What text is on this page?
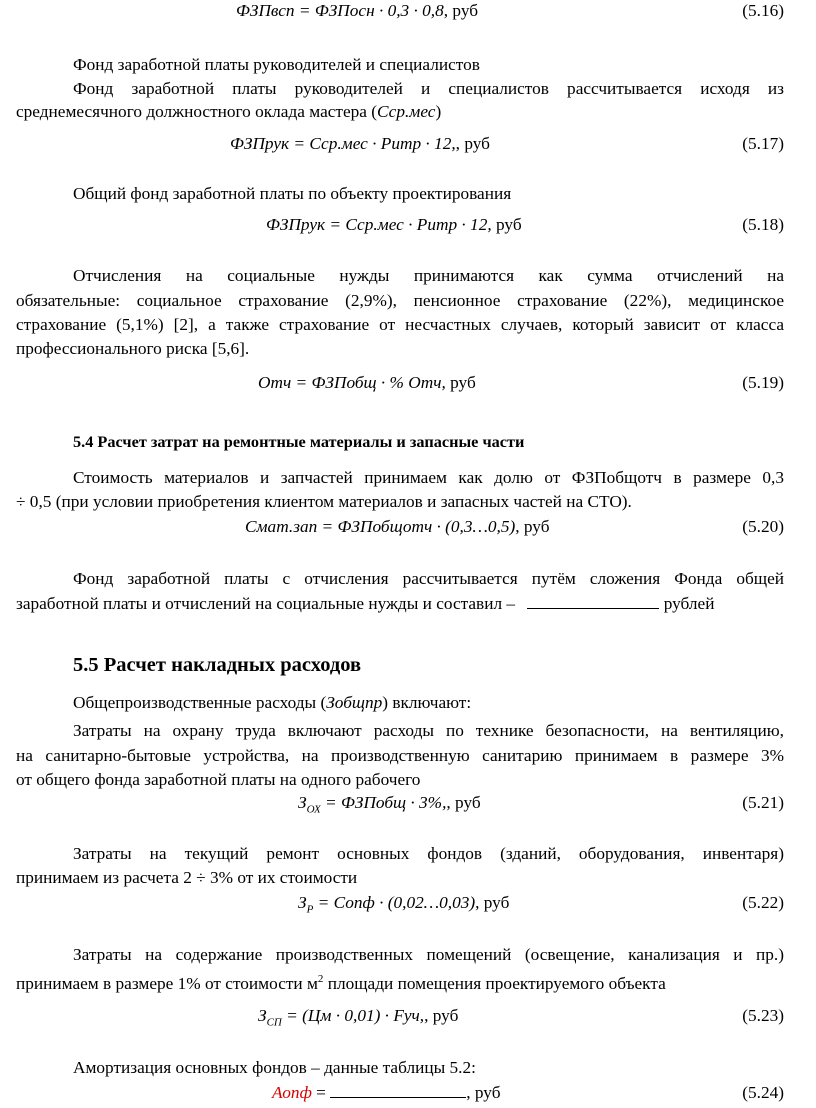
ФЗПвсп = ФЗПосн · 0,3 · 0,8, руб	(5.16)
Фонд заработной платы руководителей и специалистов
Фонд заработной платы руководителей и специалистов рассчитывается исходя из
среднемесячного должностного оклада мастера (Ссp.мес)
ФЗПрук = Ссp.мес · Ритр · 12,, руб	(5.17)
Общий фонд заработной платы по объекту проектирования
ФЗПрук = Ссp.мес · Ритр · 12, руб	(5.18)
Отчисления на социальные нужды принимаются как сумма отчислений на
обязательные: социальное страхование (2,9%), пенсионное страхование (22%), медицинское
страхование (5,1%) [2], а также страхование от несчастных случаев, который зависит от класса
профессионального риска [5,6].
Отч = ФЗПобщ · % Отч, руб	(5.19)
5.4 Расчет затрат на ремонтные материалы и запасные части
Стоимость материалов и запчастей принимаем как долю от ФЗПобщотч в размере 0,3
÷ 0,5 (при условии приобретения клиентом материалов и запасных частей на СТО).
Смат.зап = ФЗПобщотч · (0,3…0,5), руб	(5.20)
Фонд заработной платы с отчисления рассчитывается путём сложения Фонда общей
заработной платы и отчислений на социальные нужды и составил –	рублей
5.5 Расчет накладных расходов
Общепроизводственные расходы (Зобщпр) включают:
Затраты на охрану труда включают расходы по технике безопасности, на вентиляцию,
на санитарно-бытовые устройства, на производственную санитарию принимаем в размере 3%
от общего фонда заработной платы на одного рабочего
$З_{ОХ}$ = ФЗПобщ · 3%,, руб	(5.21)
Затраты на текущий ремонт основных фондов (зданий, оборудования, инвентаря)
принимаем из расчета 2 ÷ 3% от их стоимости
$З_Р$ = Сопф · (0,02…0,03), руб	(5.22)
Затраты на содержание производственных помещений (освещение, канализация и пр.)
принимаем в размере 1% от стоимости $м^2$ площади помещения проектируемого объекта
$З_{СП} = (Цм \cdot 0,01)$ · Fуч,, руб	(5.23)
Амортизация основных фондов – данные таблицы 5.2:
Аопф =	, руб	(5.24)
